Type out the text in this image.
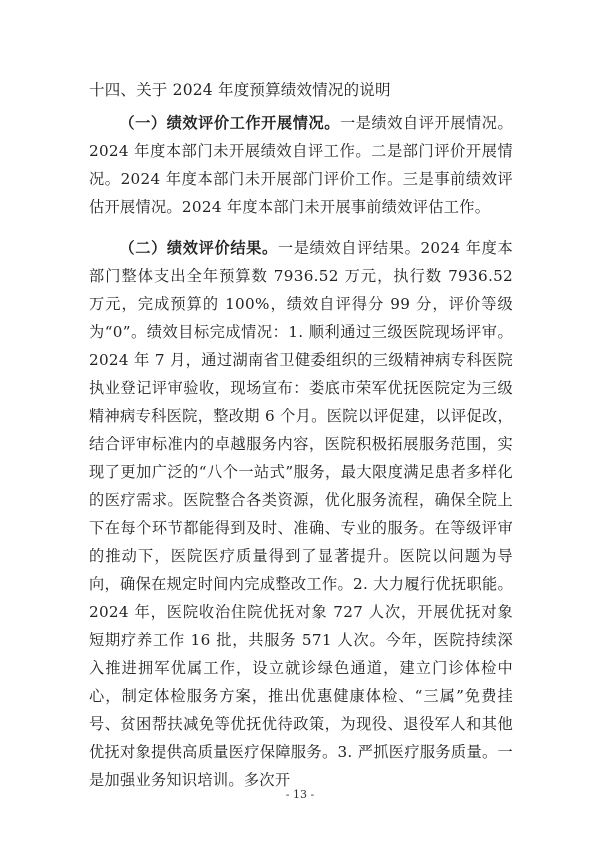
十四、关于 2024 年度预算绩效情况的说明

（一）绩效评价工作开展情况。一是绩效自评开展情况。2024 年度本部门未开展绩效自评工作。二是部门评价开展情况。2024 年度本部门未开展部门评价工作。三是事前绩效评估开展情况。2024 年度本部门未开展事前绩效评估工作。

（二）绩效评价结果。一是绩效自评结果。2024 年度本部门整体支出全年预算数 7936.52 万元，执行数 7936.52 万元，完成预算的 100%，绩效自评得分 99 分，评价等级为“0”。绩效目标完成情况：1. 顺利通过三级医院现场评审。2024 年 7 月，通过湖南省卫健委组织的三级精神病专科医院执业登记评审验收，现场宣布：娄底市荣军优抚医院定为三级精神病专科医院，整改期 6 个月。医院以评促建，以评促改，结合评审标准内的卓越服务内容，医院积极拓展服务范围，实现了更加广泛的“八个一站式”服务，最大限度满足患者多样化的医疗需求。医院整合各类资源，优化服务流程，确保全院上下在每个环节都能得到及时、准确、专业的服务。在等级评审的推动下，医院医疗质量得到了显著提升。医院以问题为导向，确保在规定时间内完成整改工作。2. 大力履行优抚职能。2024 年，医院收治住院优抚对象 727 人次，开展优抚对象短期疗养工作 16 批，共服务 571 人次。今年，医院持续深入推进拥军优属工作，设立就诊绿色通道，建立门诊体检中心，制定体检服务方案，推出优惠健康体检、“三属”免费挂号、贫困帮扶减免等优抚优待政策，为现役、退役军人和其他优抚对象提供高质量医疗保障服务。3. 严抓医疗服务质量。一是加强业务知识培训。多次开

- 13 -
